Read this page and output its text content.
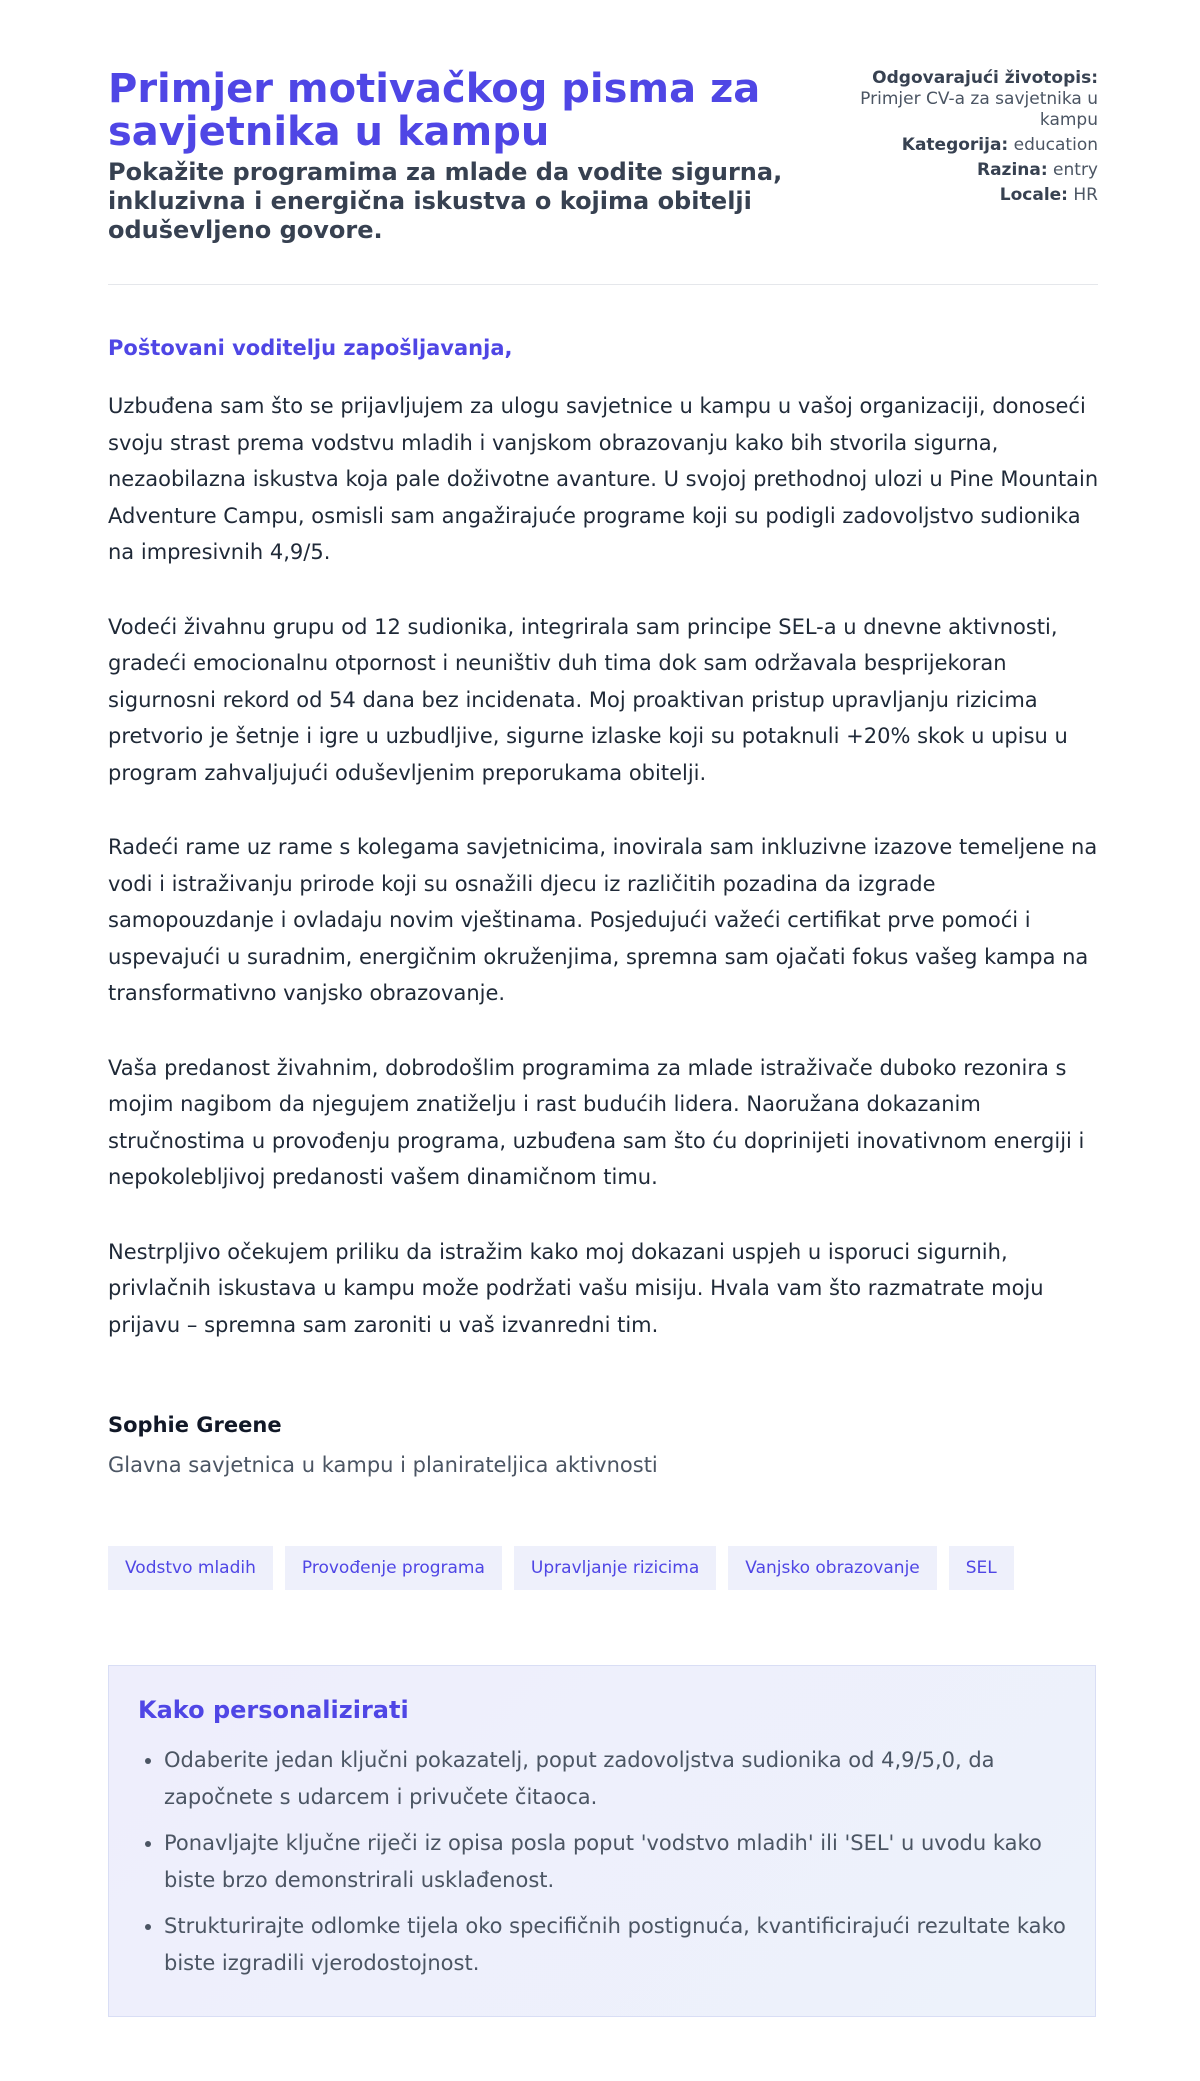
Primjer motivačkog pisma za savjetnika u kampu
Pokažite programima za mlade da vodite sigurna, inkluzivna i energična iskustva o kojima obitelji oduševljeno govore.
Odgovarajući životopis:
Primjer CV-a za savjetnika u kampu
Kategorija: education
Razina: entry
Locale: HR
Poštovani voditelju zapošljavanja,

Uzbuđena sam što se prijavljujem za ulogu savjetnice u kampu u vašoj organizaciji, donoseći svoju strast prema vodstvu mladih i vanjskom obrazovanju kako bih stvorila sigurna, nezaobilazna iskustva koja pale doživotne avanture. U svojoj prethodnoj ulozi u Pine Mountain Adventure Campu, osmisli sam angažirajuće programe koji su podigli zadovoljstvo sudionika na impresivnih 4,9/5.

Vodeći živahnu grupu od 12 sudionika, integrirala sam principe SEL-a u dnevne aktivnosti, gradeći emocionalnu otpornost i neuništiv duh tima dok sam održavala besprijekoran sigurnosni rekord od 54 dana bez incidenata. Moj proaktivan pristup upravljanju rizicima pretvorio je šetnje i igre u uzbudljive, sigurne izlaske koji su potaknuli +20% skok u upisu u program zahvaljujući oduševljenim preporukama obitelji.

Radeći rame uz rame s kolegama savjetnicima, inovirala sam inkluzivne izazove temeljene na vodi i istraživanju prirode koji su osnažili djecu iz različitih pozadina da izgrade samopouzdanje i ovladaju novim vještinama. Posjedujući važeći certifikat prve pomoći i uspevajući u suradnim, energičnim okruženjima, spremna sam ojačati fokus vašeg kampa na transformativno vanjsko obrazovanje.

Vaša predanost živahnim, dobrodošlim programima za mlade istraživače duboko rezonira s mojim nagibom da njegujem znatiželju i rast budućih lidera. Naoružana dokazanim stručnostima u provođenju programa, uzbuđena sam što ću doprinijeti inovativnom energiji i nepokolebljivoj predanosti vašem dinamičnom timu.

Nestrpljivo očekujem priliku da istražim kako moj dokazani uspjeh u isporuci sigurnih, privlačnih iskustava u kampu može podržati vašu misiju. Hvala vam što razmatrate moju prijavu – spremna sam zaroniti u vaš izvanredni tim.

Sophie Greene
Glavna savjetnica u kampu i planirateljica aktivnosti
Vodstvo mladih	Provođenje programa	Upravljanje rizicima	Vanjsko obrazovanje	SEL
Kako personalizirati
• Odaberite jedan ključni pokazatelj, poput zadovoljstva sudionika od 4,9/5,0, da započnete s udarcem i privučete čitaoca.
• Ponavljajte ključne riječi iz opisa posla poput 'vodstvo mladih' ili 'SEL' u uvodu kako biste brzo demonstrirali usklađenost.
• Strukturirajte odlomke tijela oko specifičnih postignuća, kvantificirajući rezultate kako biste izgradili vjerodostojnost.
